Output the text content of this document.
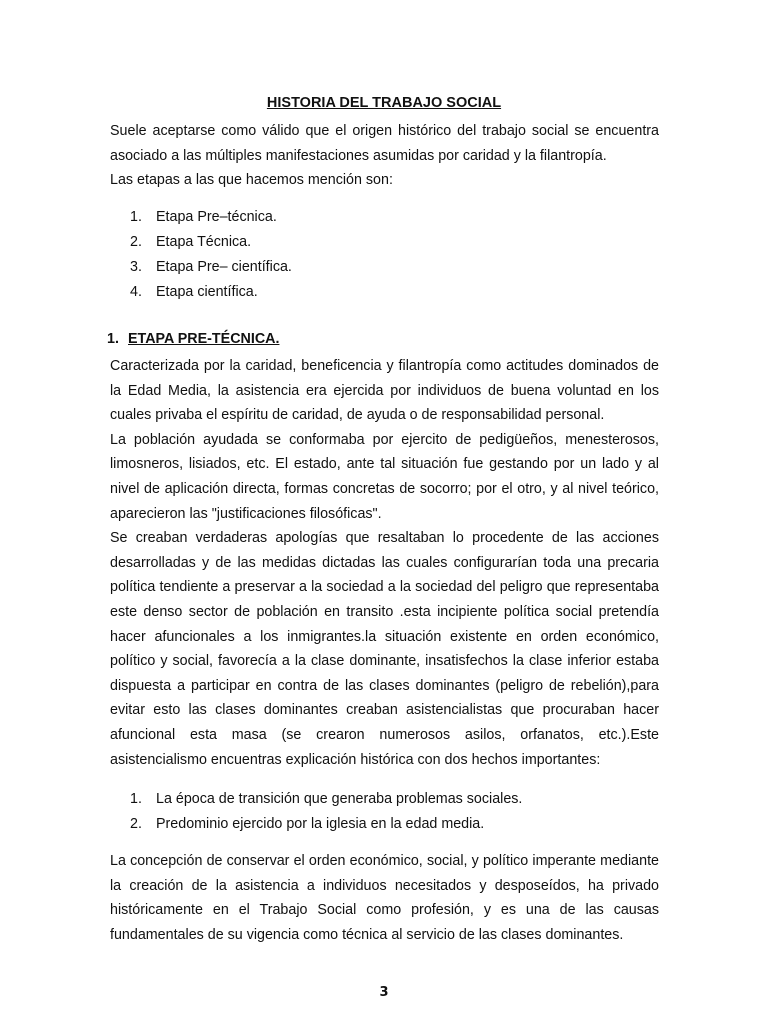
HISTORIA DEL TRABAJO SOCIAL

Suele aceptarse como válido que el origen histórico del trabajo social se encuentra
asociado a las múltiples manifestaciones asumidas por caridad y la filantropía.
Las etapas a las que hacemos mención son:

1. Etapa Pre–técnica.
2. Etapa Técnica.
3. Etapa Pre– científica.
4. Etapa científica.
1. ETAPA PRE-TÉCNICA.

Caracterizada por la caridad, beneficencia y filantropía como actitudes dominados de
la Edad Media, la asistencia era ejercida por individuos de buena voluntad en los
cuales privaba el espíritu de caridad, de ayuda o de responsabilidad personal.
La población ayudada se conformaba por ejercito de pedigüeños, menesterosos,
limosneros, lisiados, etc. El estado, ante tal situación fue gestando por un lado y al
nivel de aplicación directa, formas concretas de socorro; por el otro, y al nivel teórico,
aparecieron las "justificaciones filosóficas".
Se creaban verdaderas apologías que resaltaban lo procedente de las acciones
desarrolladas y de las medidas dictadas las cuales configurarían toda una precaria
política tendiente a preservar a la sociedad a la sociedad del peligro que representaba
este denso sector de población en transito .esta incipiente política social pretendía
hacer afuncionales a los inmigrantes.la situación existente en orden económico,
político y social, favorecía a la clase dominante, insatisfechos la clase inferior estaba
dispuesta a participar en contra de las clases dominantes (peligro de rebelión),para
evitar esto las clases dominantes creaban asistencialistas que procuraban hacer
afuncional esta masa (se crearon numerosos asilos, orfanatos, etc.).Este
asistencialismo encuentras explicación histórica con dos hechos importantes:

1. La época de transición que generaba problemas sociales.
2. Predominio ejercido por la iglesia en la edad media.

La concepción de conservar el orden económico, social, y político imperante mediante
la creación de la asistencia a individuos necesitados y desposeídos, ha privado
históricamente en el Trabajo Social como profesión, y es una de las causas
fundamentales de su vigencia como técnica al servicio de las clases dominantes.

3
